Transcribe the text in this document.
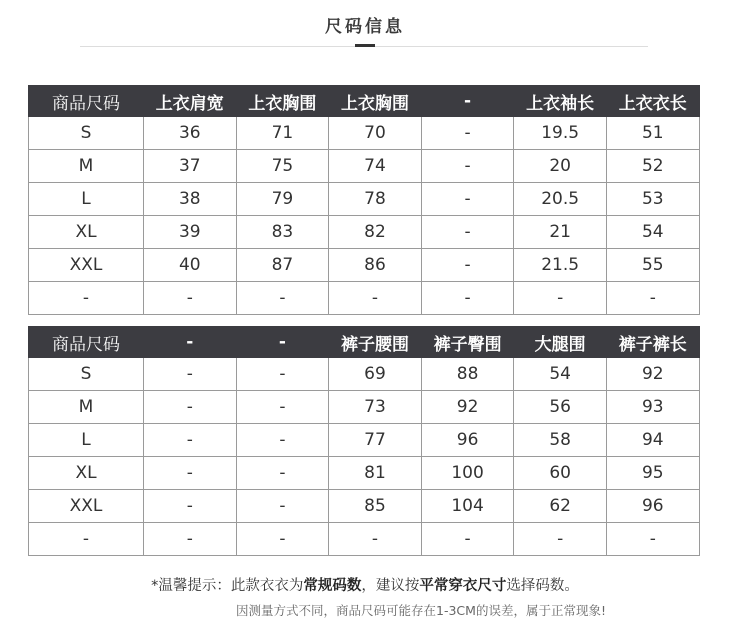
尺码信息
商品尺码	上衣肩宽	上衣胸围	上衣胸围	-	上衣袖长	上衣衣长
S	36	71	70	-	19.5	51
M	37	75	74	-	20	52
L	38	79	78	-	20.5	53
XL	39	83	82	-	21	54
XXL	40	87	86	-	21.5	55
-	-	-	-	-	-	-
商品尺码	-	-	裤子腰围	裤子臀围	大腿围	裤子裤长
S	-	-	69	88	54	92
M	-	-	73	92	56	93
L	-	-	77	96	58	94
XL	-	-	81	100	60	95
XXL	-	-	85	104	62	96
-	-	-	-	-	-	-
*温馨提示：此款衣衣为常规码数，建议按平常穿衣尺寸选择码数。
因测量方式不同，商品尺码可能存在1-3CM的误差，属于正常现象!
